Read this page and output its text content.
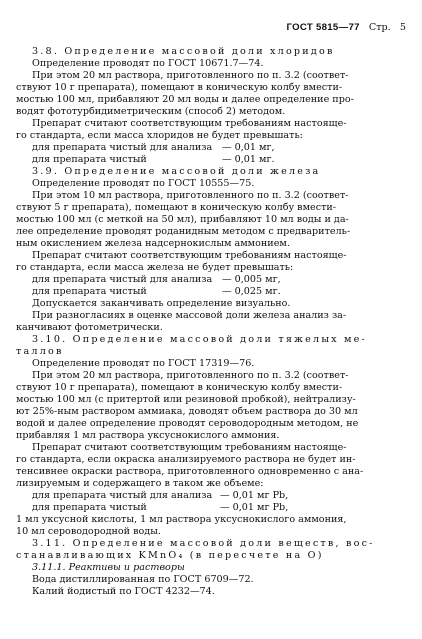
ГОСТ 5815—77 Стр. 5
3.8. Определение массовой доли хлоридов
Определение проводят по ГОСТ 10671.7—74.
При этом 20 мл раствора, приготовленного по п. 3.2 (соответ-
ствуют 10 г препарата), помещают в коническую колбу вмести-
мостью 100 мл, прибавляют 20 мл воды и далее определение про-
водят фототурбидиметрическим (способ 2) методом.
Препарат считают соответствующим требованиям настояще-
го стандарта, если масса хлоридов не будет превышать:
для препарата чистый для анализа	— 0,01 мг,
для препарата чистый	— 0,01 мг.
3.9. Определение массовой доли железа
Определение проводят по ГОСТ 10555—75.
При этом 10 мл раствора, приготовленного по п. 3.2 (соответ-
ствуют 5 г препарата), помещают в коническую колбу вмести-
мостью 100 мл (с меткой на 50 мл), прибавляют 10 мл воды и да-
лее определение проводят роданидным методом с предваритель-
ным окислением железа надсернокислым аммонием.
Препарат считают соответствующим требованиям настояще-
го стандарта, если масса железа не будет превышать:
для препарата чистый для анализа	— 0,005 мг,
для препарата чистый	— 0,025 мг.
Допускается заканчивать определение визуально.
При разногласиях в оценке массовой доли железа анализ за-
канчивают фотометрически.
3.10. Определение массовой доли тяжелых ме-
таллов
Определение проводят по ГОСТ 17319—76.
При этом 20 мл раствора, приготовленного по п. 3.2 (соответ-
ствуют 10 г препарата), помещают в коническую колбу вмести-
мостью 100 мл (с притертой или резиновой пробкой), нейтрализу-
ют 25%-ным раствором аммиака, доводят объем раствора до 30 мл
водой и далее определение проводят сероводородным методом, не
прибавляя 1 мл раствора уксуснокислого аммония.
Препарат считают соответствующим требованиям настояще-
го стандарта, если окраска анализируемого раствора не будет ин-
тенсивнее окраски раствора, приготовленного одновременно с ана-
лизируемым и содержащего в таком же объеме:
для препарата чистый для анализа — 0,01 мг Pb,
для препарата чистый	— 0,01 мг Pb,
1 мл уксусной кислоты, 1 мл раствора уксуснокислого аммония,
10 мл сероводородной воды.
3.11. Определение массовой доли веществ, вос-
станавливающих KMnO₄ (в пересчете на О)
3.11.1. Реактивы и растворы
Вода дистиллированная по ГОСТ 6709—72.
Калий йодистый по ГОСТ 4232—74.
